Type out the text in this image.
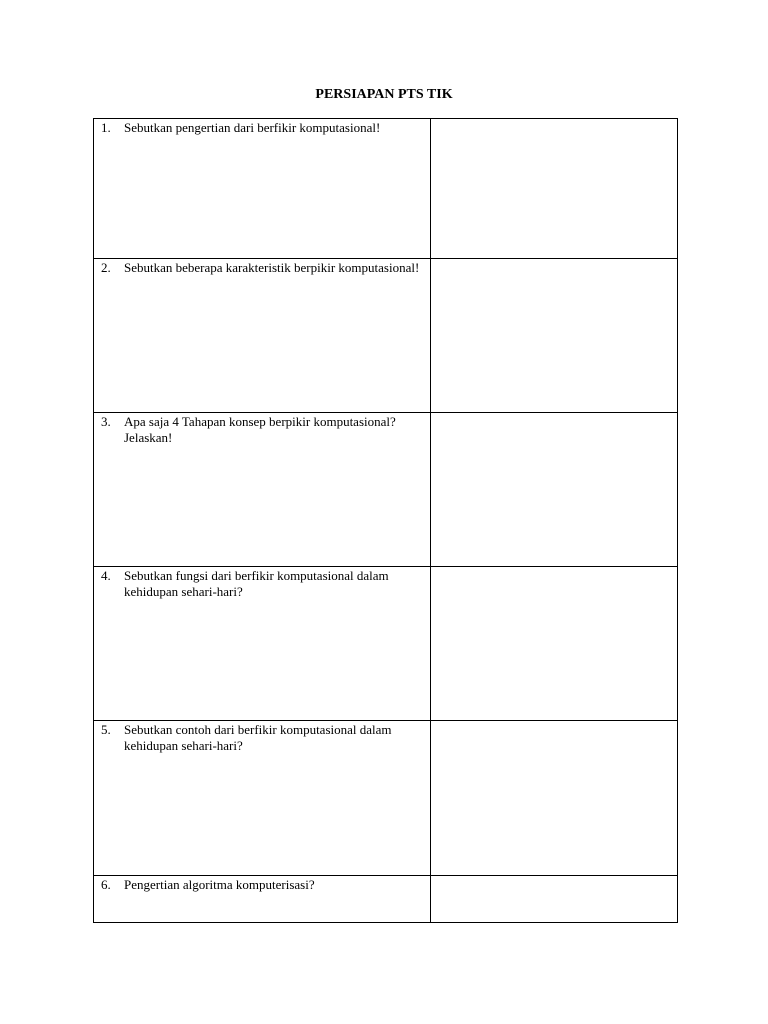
PERSIAPAN PTS TIK
1. Sebutkan pengertian dari berfikir komputasional!	

2. Sebutkan beberapa karakteristik berpikir komputasional!	

3. Apa saja 4 Tahapan konsep berpikir komputasional? Jelaskan!	

4. Sebutkan fungsi dari berfikir komputasional dalam kehidupan sehari-hari?	

5. Sebutkan contoh dari berfikir komputasional dalam kehidupan sehari-hari?	

6. Pengertian algoritma komputerisasi?	
